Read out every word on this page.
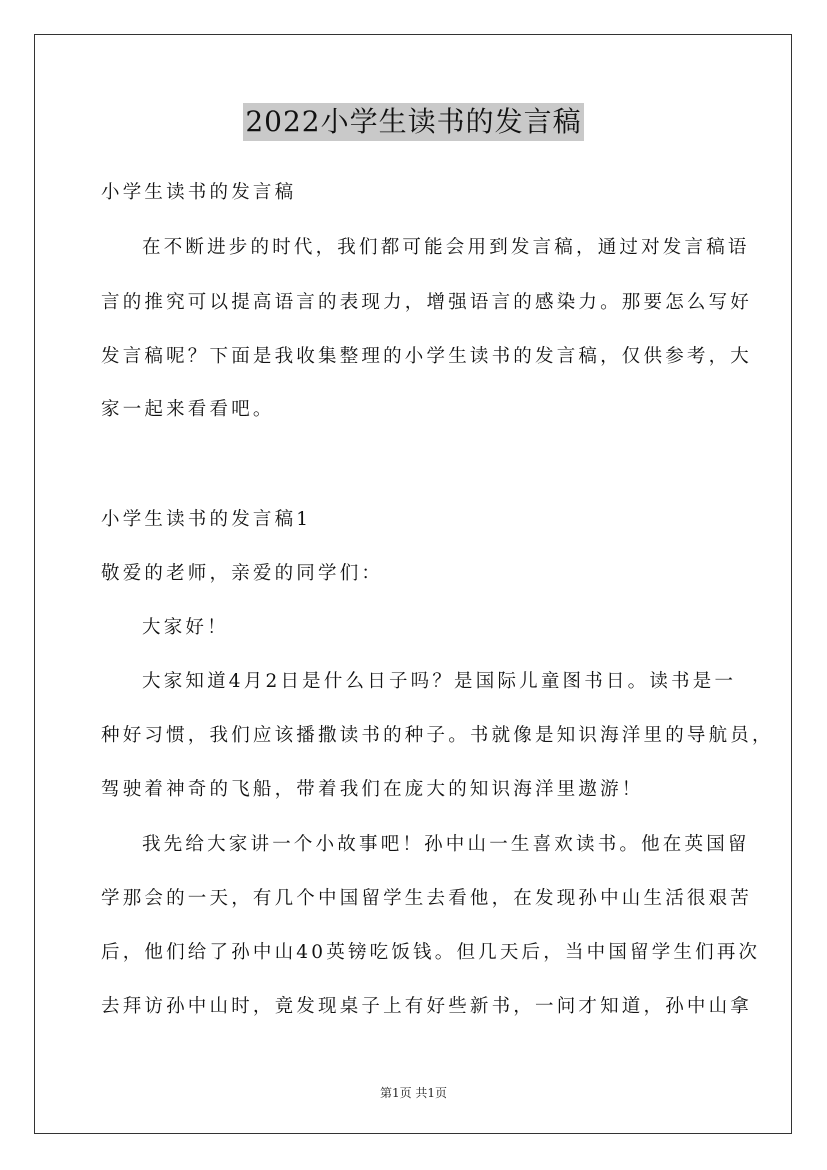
2022小学生读书的发言稿
小学生读书的发言稿
在不断进步的时代，我们都可能会用到发言稿，通过对发言稿语
言的推究可以提高语言的表现力，增强语言的感染力。那要怎么写好
发言稿呢？下面是我收集整理的小学生读书的发言稿，仅供参考，大
家一起来看看吧。
小学生读书的发言稿1
敬爱的老师，亲爱的同学们：
大家好！
大家知道4月2日是什么日子吗？是国际儿童图书日。读书是一
种好习惯，我们应该播撒读书的种子。书就像是知识海洋里的导航员，
驾驶着神奇的飞船，带着我们在庞大的知识海洋里遨游！
我先给大家讲一个小故事吧！孙中山一生喜欢读书。他在英国留
学那会的一天，有几个中国留学生去看他，在发现孙中山生活很艰苦
后，他们给了孙中山40英镑吃饭钱。但几天后，当中国留学生们再次
去拜访孙中山时，竟发现桌子上有好些新书，一问才知道，孙中山拿
第1页 共1页
